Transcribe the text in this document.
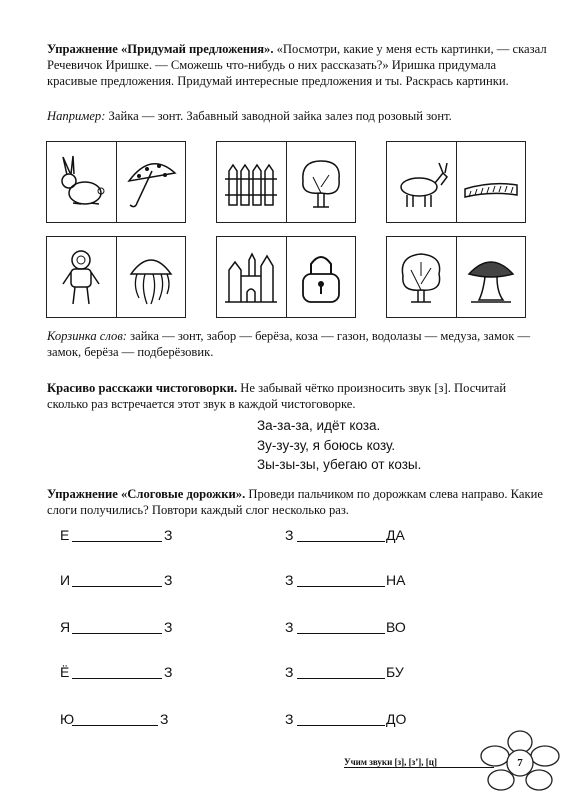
Упражнение «Придумай предложения». «Посмотри, какие у меня есть картинки, — сказал Речевичок Иришке. — Сможешь что-нибудь о них рассказать?» Иришка придумала красивые предложения. Придумай интересные предложения и ты. Раскрась картинки.
Например: Зайка — зонт. Забавный заводной зайка залез под розовый зонт.
Корзинка слов: зайка — зонт, забор — берёза, коза — газон, водолазы — медуза, замок — замок, берёза — подберёзовик.
Красиво расскажи чистоговорки. Не забывай чётко произносить звук [з]. Посчитай сколько раз встречается этот звук в каждой чистоговорке.
За-за-за, идёт коза.
Зу-зу-зу, я боюсь козу.
Зы-зы-зы, убегаю от козы.
Упражнение «Слоговые дорожки». Проведи пальчиком по дорожкам слева направо. Какие слоги получились? Повтори каждый слог несколько раз.
Е	З
И	З
Я	З
Ё	З
Ю	З
З	ДА
З	НА
З	ВО
З	БУ
З	ДО
Учим звуки [з], [з’], [ц]	7
